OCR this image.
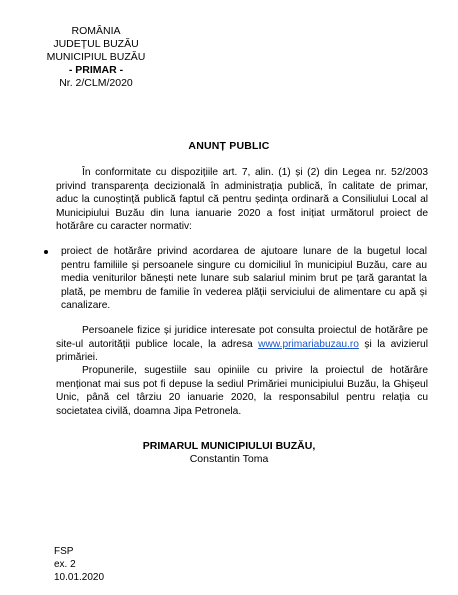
ROMÂNIA
JUDEȚUL BUZĂU
MUNICIPIUL BUZĂU
- PRIMAR -
Nr. 2/CLM/2020
ANUNȚ PUBLIC
În conformitate cu dispozițiile art. 7, alin. (1) și (2) din Legea nr. 52/2003 privind transparența decizională în administrația publică, în calitate de primar, aduc la cunoștință publică faptul că pentru ședința ordinară a Consiliului Local al Municipiului Buzău din luna ianuarie 2020 a fost inițiat următorul proiect de hotărâre cu caracter normativ:
proiect de hotărâre privind acordarea de ajutoare lunare de la bugetul local pentru familiile și persoanele singure cu domiciliul în municipiul Buzău, care au media veniturilor bănești nete lunare sub salariul minim brut pe țară garantat la plată, pe membru de familie în vederea plății serviciului de alimentare cu apă și canalizare.
Persoanele fizice și juridice interesate pot consulta proiectul de hotărâre pe site-ul autorității publice locale, la adresa www.primariabuzau.ro și la avizierul primăriei.
Propunerile, sugestiile sau opiniile cu privire la proiectul de hotărâre menționat mai sus pot fi depuse la sediul Primăriei municipiului Buzău, la Ghișeul Unic, până cel târziu 20 ianuarie 2020, la responsabilul pentru relația cu societatea civilă, doamna Jipa Petronela.
PRIMARUL MUNICIPIULUI BUZĂU,
Constantin Toma
FSP
ex. 2
10.01.2020
